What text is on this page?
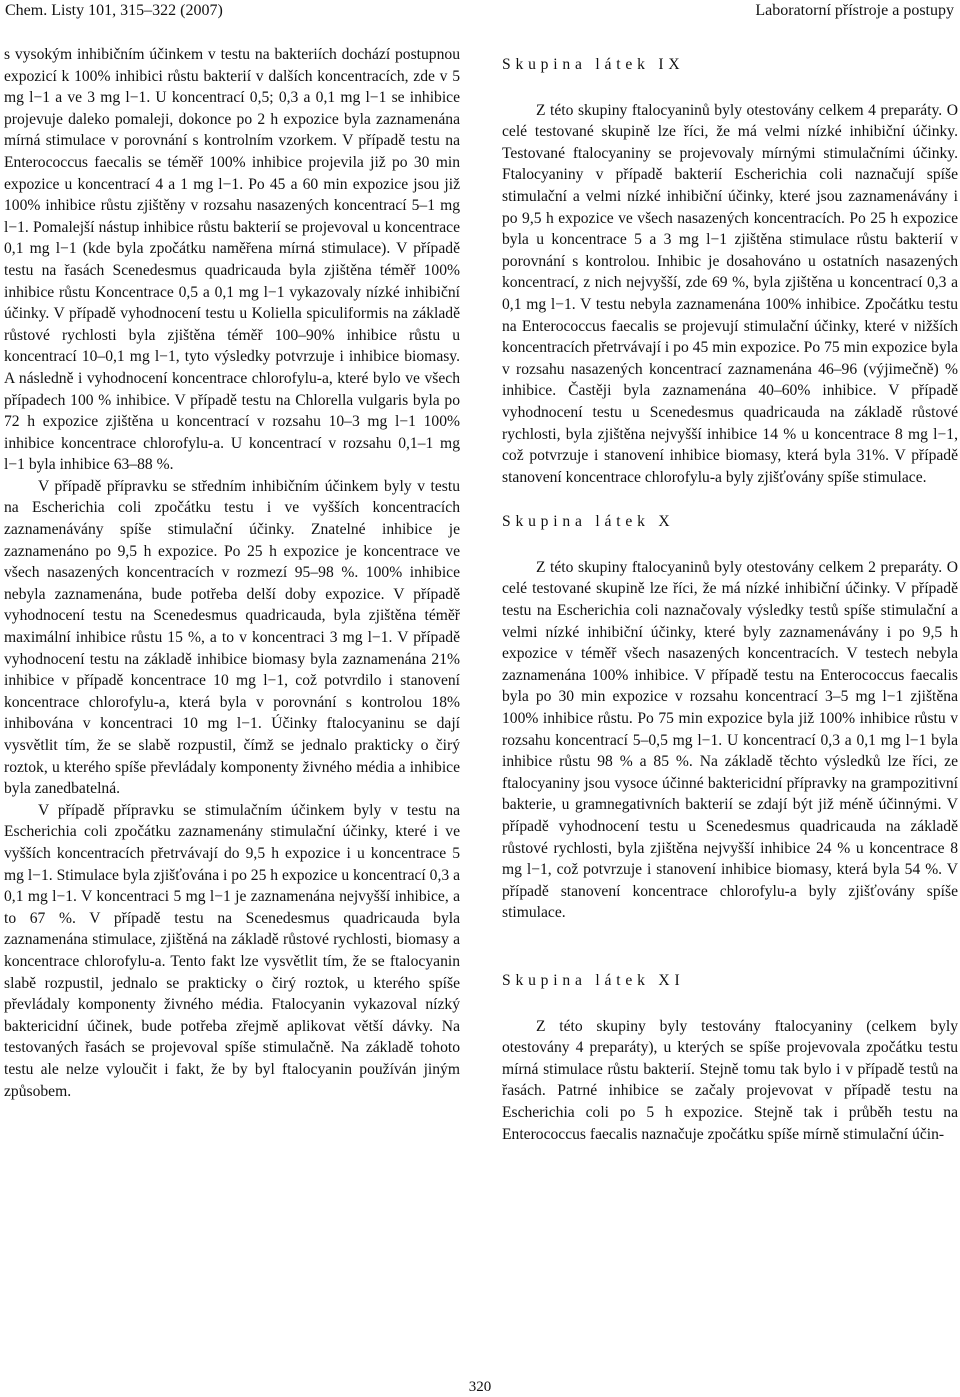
Chem. Listy 101, 315–322 (2007)	Laboratorní přístroje a postupy

s vysokým inhibičním účinkem v testu na bakteriích dochází postupnou expozicí k 100% inhibici růstu bakterií v dalších koncentracích, zde v 5 mg l−1 a ve 3 mg l−1. U koncentrací 0,5; 0,3 a 0,1 mg l−1 se inhibice projevuje daleko pomaleji, dokonce po 2 h expozice byla zaznamenána mírná stimulace v porovnání s kontrolním vzorkem. V případě testu na Enterococcus faecalis se téměř 100% inhibice projevila již po 30 min expozice u koncentrací 4 a 1 mg l−1. Po 45 a 60 min expozice jsou již 100% inhibice růstu zjištěny v rozsahu nasazených koncentrací 5–1 mg l−1. Pomalejší nástup inhibice růstu bakterií se projevoval u koncentrace 0,1 mg l−1 (kde byla zpočátku naměřena mírná stimulace). V případě testu na řasách Scenedesmus quadricauda byla zjištěna téměř 100% inhibice růstu Koncentrace 0,5 a 0,1 mg l−1 vykazovaly nízké inhibiční účinky. V případě vyhodnocení testu u Koliella spiculiformis na základě růstové rychlosti byla zjištěna téměř 100–90% inhibice růstu u koncentrací 10–0,1 mg l−1, tyto výsledky potvrzuje i inhibice biomasy. A následně i vyhodnocení koncentrace chlorofylu-a, které bylo ve všech případech 100 % inhibice. V případě testu na Chlorella vulgaris byla po 72 h expozice zjištěna u koncentrací v rozsahu 10–3 mg l−1 100% inhibice koncentrace chlorofylu-a. U koncentrací v rozsahu 0,1–1 mg l−1 byla inhibice 63–88 %.

V případě přípravku se středním inhibičním účinkem byly v testu na Escherichia coli zpočátku testu i ve vyšších koncentracích zaznamenávány spíše stimulační účinky. Znatelné inhibice je zaznamenáno po 9,5 h expozice. Po 25 h expozice je koncentrace ve všech nasazených koncentracích v rozmezí 95–98 %. 100% inhibice nebyla zaznamenána, bude potřeba delší doby expozice. V případě vyhodnocení testu na Scenedesmus quadricauda, byla zjištěna téměř maximální inhibice růstu 15 %, a to v koncentraci 3 mg l−1. V případě vyhodnocení testu na základě inhibice biomasy byla zaznamenána 21% inhibice v případě koncentrace 10 mg l−1, což potvrdilo i stanovení koncentrace chlorofylu-a, která byla v porovnání s kontrolou 18% inhibována v koncentraci 10 mg l−1. Účinky ftalocyaninu se dají vysvětlit tím, že se slabě rozpustil, čímž se jednalo prakticky o čirý roztok, u kterého spíše převládaly komponenty živného média a inhibice byla zanedbatelná.

V případě přípravku se stimulačním účinkem byly v testu na Escherichia coli zpočátku zaznamenány stimulační účinky, které i ve vyšších koncentracích přetrvávají do 9,5 h expozice i u koncentrace 5 mg l−1. Stimulace byla zjišťována i po 25 h expozice u koncentrací 0,3 a 0,1 mg l−1. V koncentraci 5 mg l−1 je zaznamenána nejvyšší inhibice, a to 67 %. V případě testu na Scenedesmus quadricauda byla zaznamenána stimulace, zjištěná na základě růstové rychlosti, biomasy a koncentrace chlorofylu-a. Tento fakt lze vysvětlit tím, že se ftalocyanin slabě rozpustil, jednalo se prakticky o čirý roztok, u kterého spíše převládaly komponenty živného média. Ftalocyanin vykazoval nízký baktericidní účinek, bude potřeba zřejmě aplikovat větší dávky. Na testovaných řasách se projevoval spíše stimulačně. Na základě tohoto testu ale nelze vyloučit i fakt, že by byl ftalocyanin používán jiným způsobem.

Skupina látek IX

Z této skupiny ftalocyaninů byly otestovány celkem 4 preparáty. O celé testované skupině lze říci, že má velmi nízké inhibiční účinky. Testované ftalocyaniny se projevovaly mírnými stimulačními účinky. Ftalocyaniny v případě bakterií Escherichia coli naznačují spíše stimulační a velmi nízké inhibiční účinky, které jsou zaznamenávány i po 9,5 h expozice ve všech nasazených koncentracích. Po 25 h expozice byla u koncentrace 5 a 3 mg l−1 zjištěna stimulace růstu bakterií v porovnání s kontrolou. Inhibic je dosahováno u ostatních nasazených koncentrací, z nich nejvyšší, zde 69 %, byla zjištěna u koncentrací 0,3 a 0,1 mg l−1. V testu nebyla zaznamenána 100% inhibice. Zpočátku testu na Enterococcus faecalis se projevují stimulační účinky, které v nižších koncentracích přetrvávají i po 45 min expozice. Po 75 min expozice byla v rozsahu nasazených koncentrací zaznamenána 46–96 (výjimečně) % inhibice. Častěji byla zaznamenána 40–60% inhibice. V případě vyhodnocení testu u Scenedesmus quadricauda na základě růstové rychlosti, byla zjištěna nejvyšší inhibice 14 % u koncentrace 8 mg l−1, což potvrzuje i stanovení inhibice biomasy, která byla 31%. V případě stanovení koncentrace chlorofylu-a byly zjišťovány spíše stimulace.

Skupina látek X

Z této skupiny ftalocyaninů byly otestovány celkem 2 preparáty. O celé testované skupině lze říci, že má nízké inhibiční účinky. V případě testu na Escherichia coli naznačovaly výsledky testů spíše stimulační a velmi nízké inhibiční účinky, které byly zaznamenávány i po 9,5 h expozice v téměř všech nasazených koncentracích. V testech nebyla zaznamenána 100% inhibice. V případě testu na Enterococcus faecalis byla po 30 min expozice v rozsahu koncentrací 3–5 mg l−1 zjištěna 100% inhibice růstu. Po 75 min expozice byla již 100% inhibice růstu v rozsahu koncentrací 5–0,5 mg l−1. U koncentrací 0,3 a 0,1 mg l−1 byla inhibice růstu 98 % a 85 %. Na základě těchto výsledků lze říci, ze ftalocyaniny jsou vysoce účinné baktericidní přípravky na grampozitivní bakterie, u gramnegativních bakterií se zdají být již méně účinnými. V případě vyhodnocení testu u Scenedesmus quadricauda na základě růstové rychlosti, byla zjištěna nejvyšší inhibice 24 % u koncentrace 8 mg l−1, což potvrzuje i stanovení inhibice biomasy, která byla 54 %. V případě stanovení koncentrace chlorofylu-a byly zjišťovány spíše stimulace.

Skupina látek XI

Z této skupiny byly testovány ftalocyaniny (celkem byly otestovány 4 preparáty), u kterých se spíše projevovala zpočátku testu mírná stimulace růstu bakterií. Stejně tomu tak bylo i v případě testů na řasách. Patrné inhibice se začaly projevovat v případě testu na Escherichia coli po 5 h expozice. Stejně tak i průběh testu na Enterococcus faecalis naznačuje zpočátku spíše mírně stimulační účin-

320
